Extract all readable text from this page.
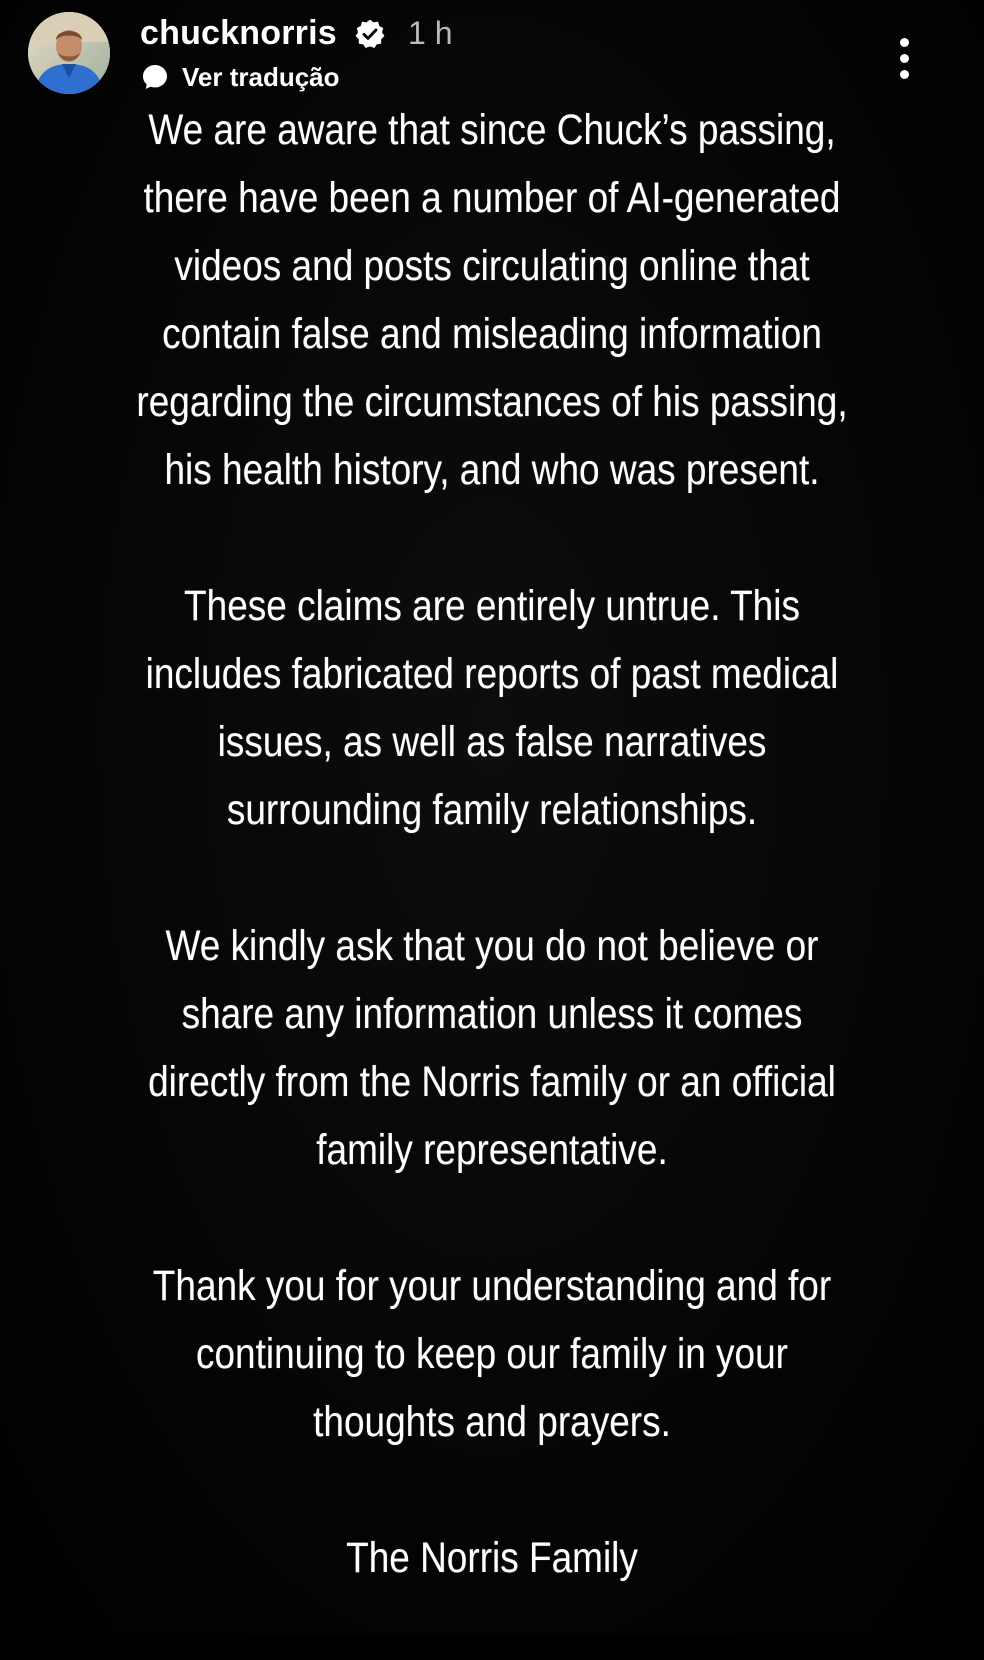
chucknorris 1 h
Ver tradução

We are aware that since Chuck’s passing,
there have been a number of AI-generated
videos and posts circulating online that
contain false and misleading information
regarding the circumstances of his passing,
his health history, and who was present.

These claims are entirely untrue. This
includes fabricated reports of past medical
issues, as well as false narratives
surrounding family relationships.

We kindly ask that you do not believe or
share any information unless it comes
directly from the Norris family or an official
family representative.

Thank you for your understanding and for
continuing to keep our family in your
thoughts and prayers.

The Norris Family
